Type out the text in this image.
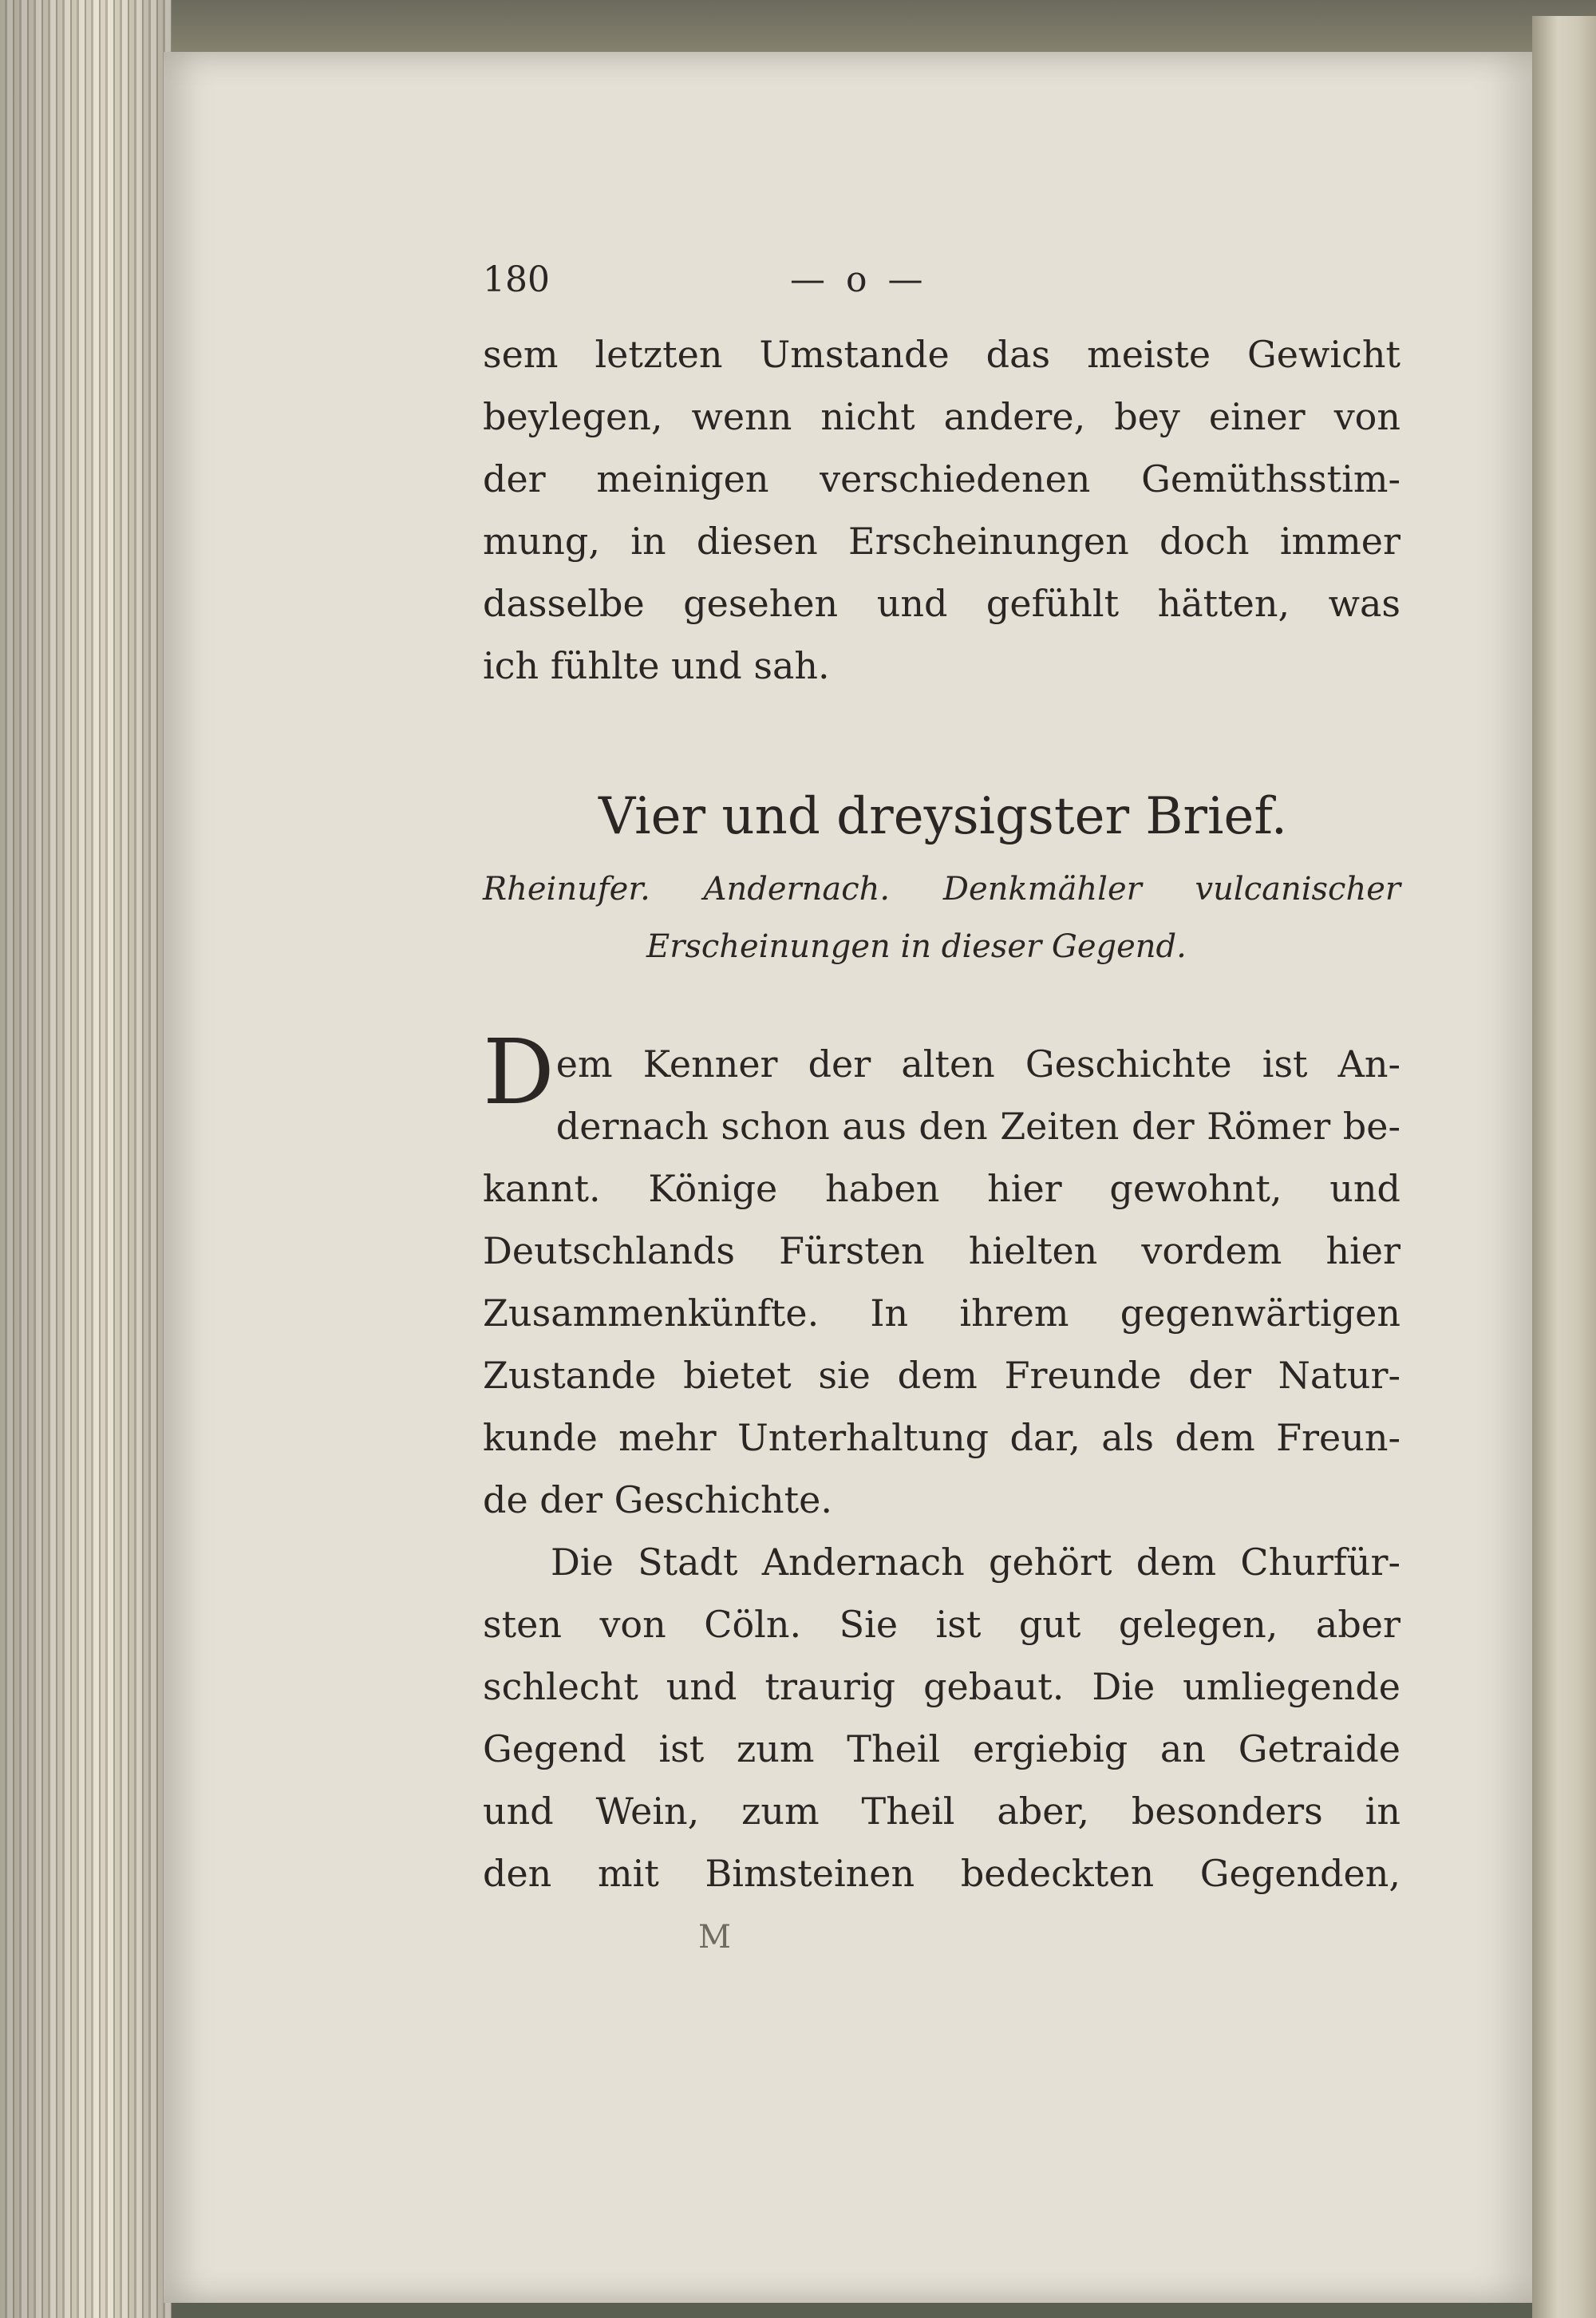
180	— o —
sem letzten Umstande das meiste Gewicht
beylegen, wenn nicht andere, bey einer von
der meinigen verschiedenen Gemüthsstim-
mung, in diesen Erscheinungen doch immer
dasselbe gesehen und gefühlt hätten, was
ich fühlte und sah.
Vier und dreysigster Brief.
Rheinufer. Andernach. Denkmähler vulcanischer
Erscheinungen in dieser Gegend.
D em Kenner der alten Geschichte ist An-
dernach schon aus den Zeiten der Römer be-
kannt. Könige haben hier gewohnt, und
Deutschlands Fürsten hielten vordem hier
Zusammenkünfte. In ihrem gegenwärtigen
Zustande bietet sie dem Freunde der Natur-
kunde mehr Unterhaltung dar, als dem Freun-
de der Geschichte.
Die Stadt Andernach gehört dem Churfür-
sten von Cöln. Sie ist gut gelegen, aber
schlecht und traurig gebaut. Die umliegende
Gegend ist zum Theil ergiebig an Getraide
und Wein, zum Theil aber, besonders in
den mit Bimsteinen bedeckten Gegenden,
M
